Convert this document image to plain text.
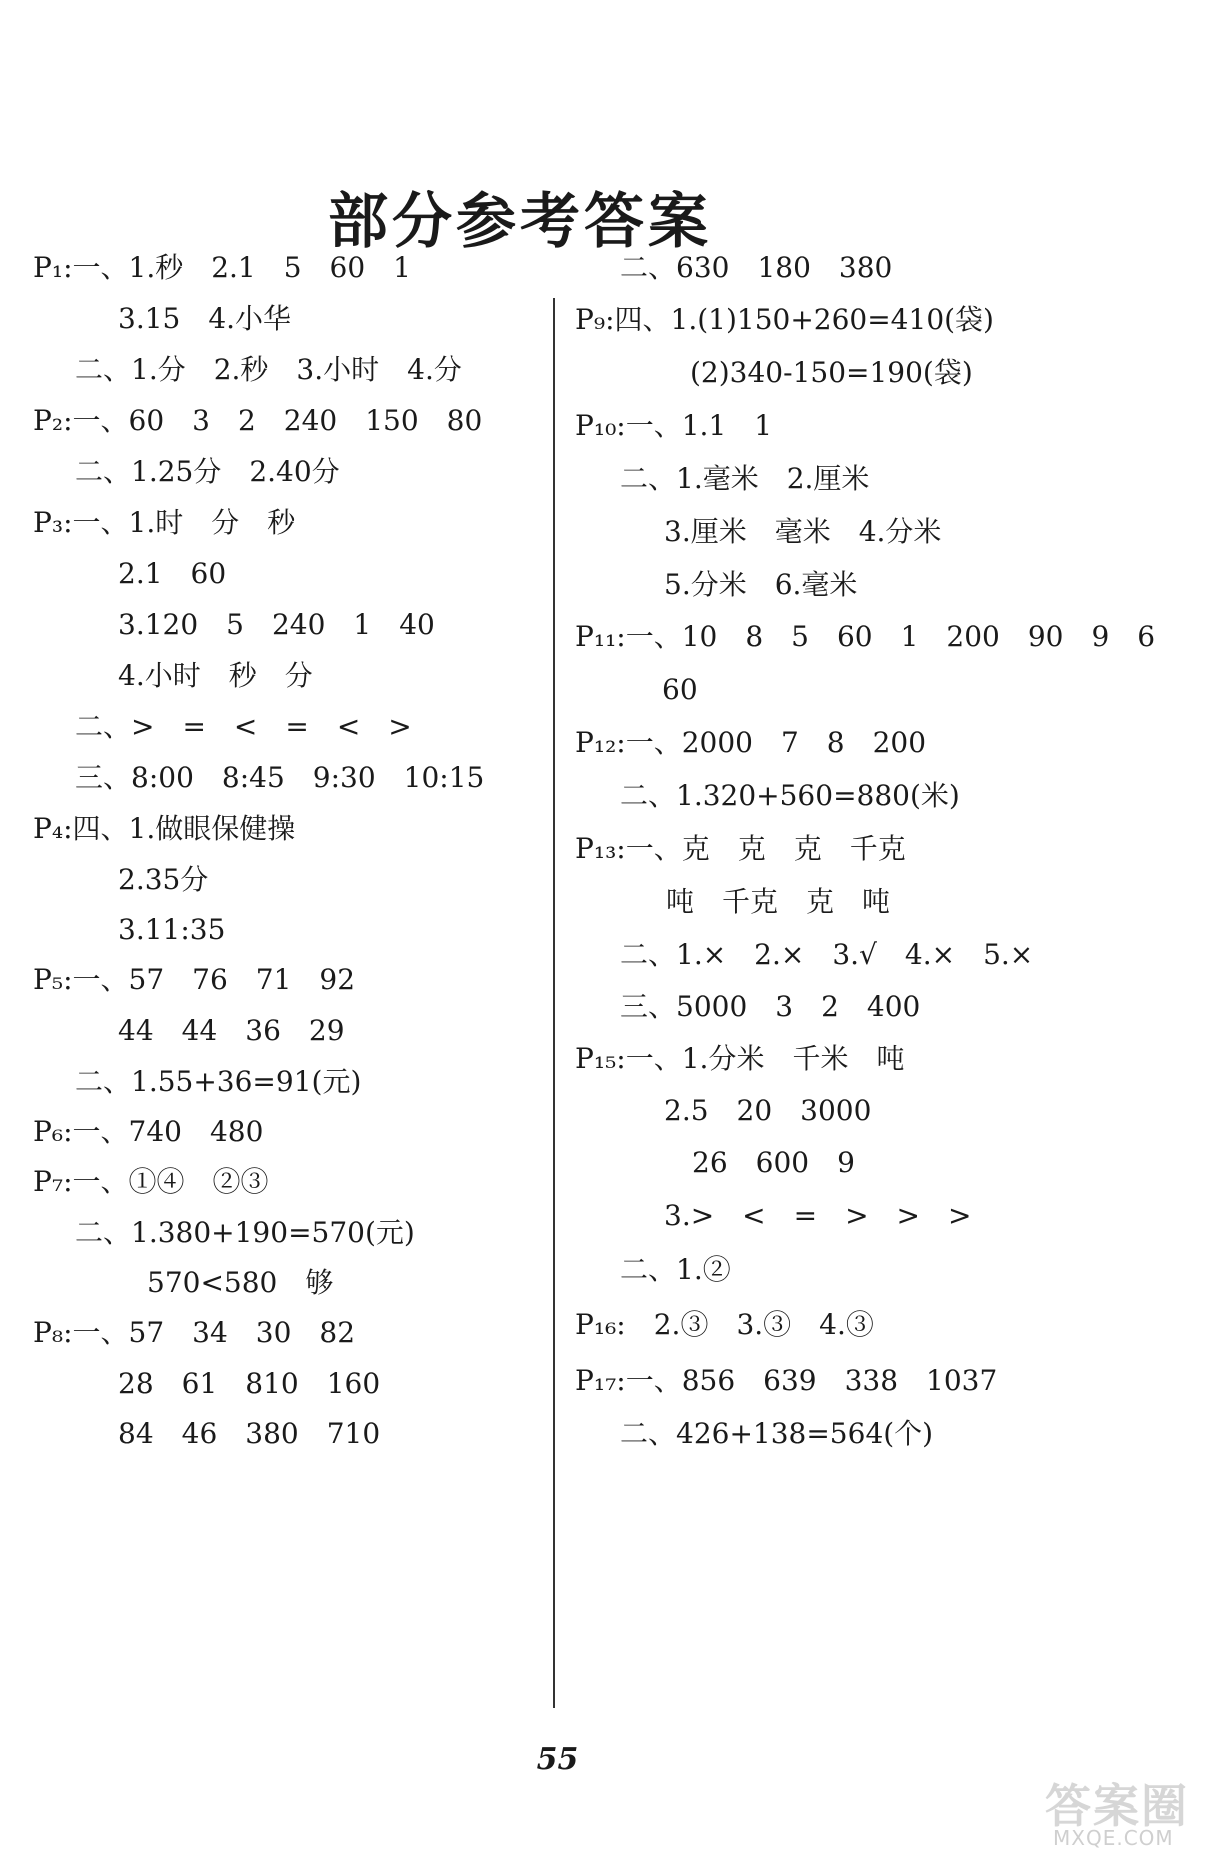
部分参考答案
P₁:一、1.秒　2.1　5　60　1
3.15　4.小华
二、1.分　2.秒　3.小时　4.分
P₂:一、60　3　2　240　150　80
二、1.25分　2.40分
P₃:一、1.时　分　秒
2.1　60
3.120　5　240　1　40
4.小时　秒　分
二、>　=　<　=　<　>
三、8:00　8:45　9:30　10:15
P₄:四、1.做眼保健操
2.35分
3.11:35
P₅:一、57　76　71　92
44　44　36　29
二、1.55+36=91(元)
P₆:一、740　480
P₇:一、①④　②③
二、1.380+190=570(元)
570<580　够
P₈:一、57　34　30　82
28　61　810　160
84　46　380　710
二、630　180　380
P₉:四、1.(1)150+260=410(袋)
(2)340-150=190(袋)
P₁₀:一、1.1　1
二、1.毫米　2.厘米
3.厘米　毫米　4.分米
5.分米　6.毫米
P₁₁:一、10　8　5　60　1　200　90　9　6
60
P₁₂:一、2000　7　8　200
二、1.320+560=880(米)
P₁₃:一、克　克　克　千克
吨　千克　克　吨
二、1.×　2.×　3.√　4.×　5.×
三、5000　3　2　400
P₁₅:一、1.分米　千米　吨
2.5　20　3000
26　600　9
3.>　<　=　>　>　>
二、1.②
P₁₆:　2.③　3.③　4.③
P₁₇:一、856　639　338　1037
二、426+138=564(个)
55
答案圈
MXQE.COM
